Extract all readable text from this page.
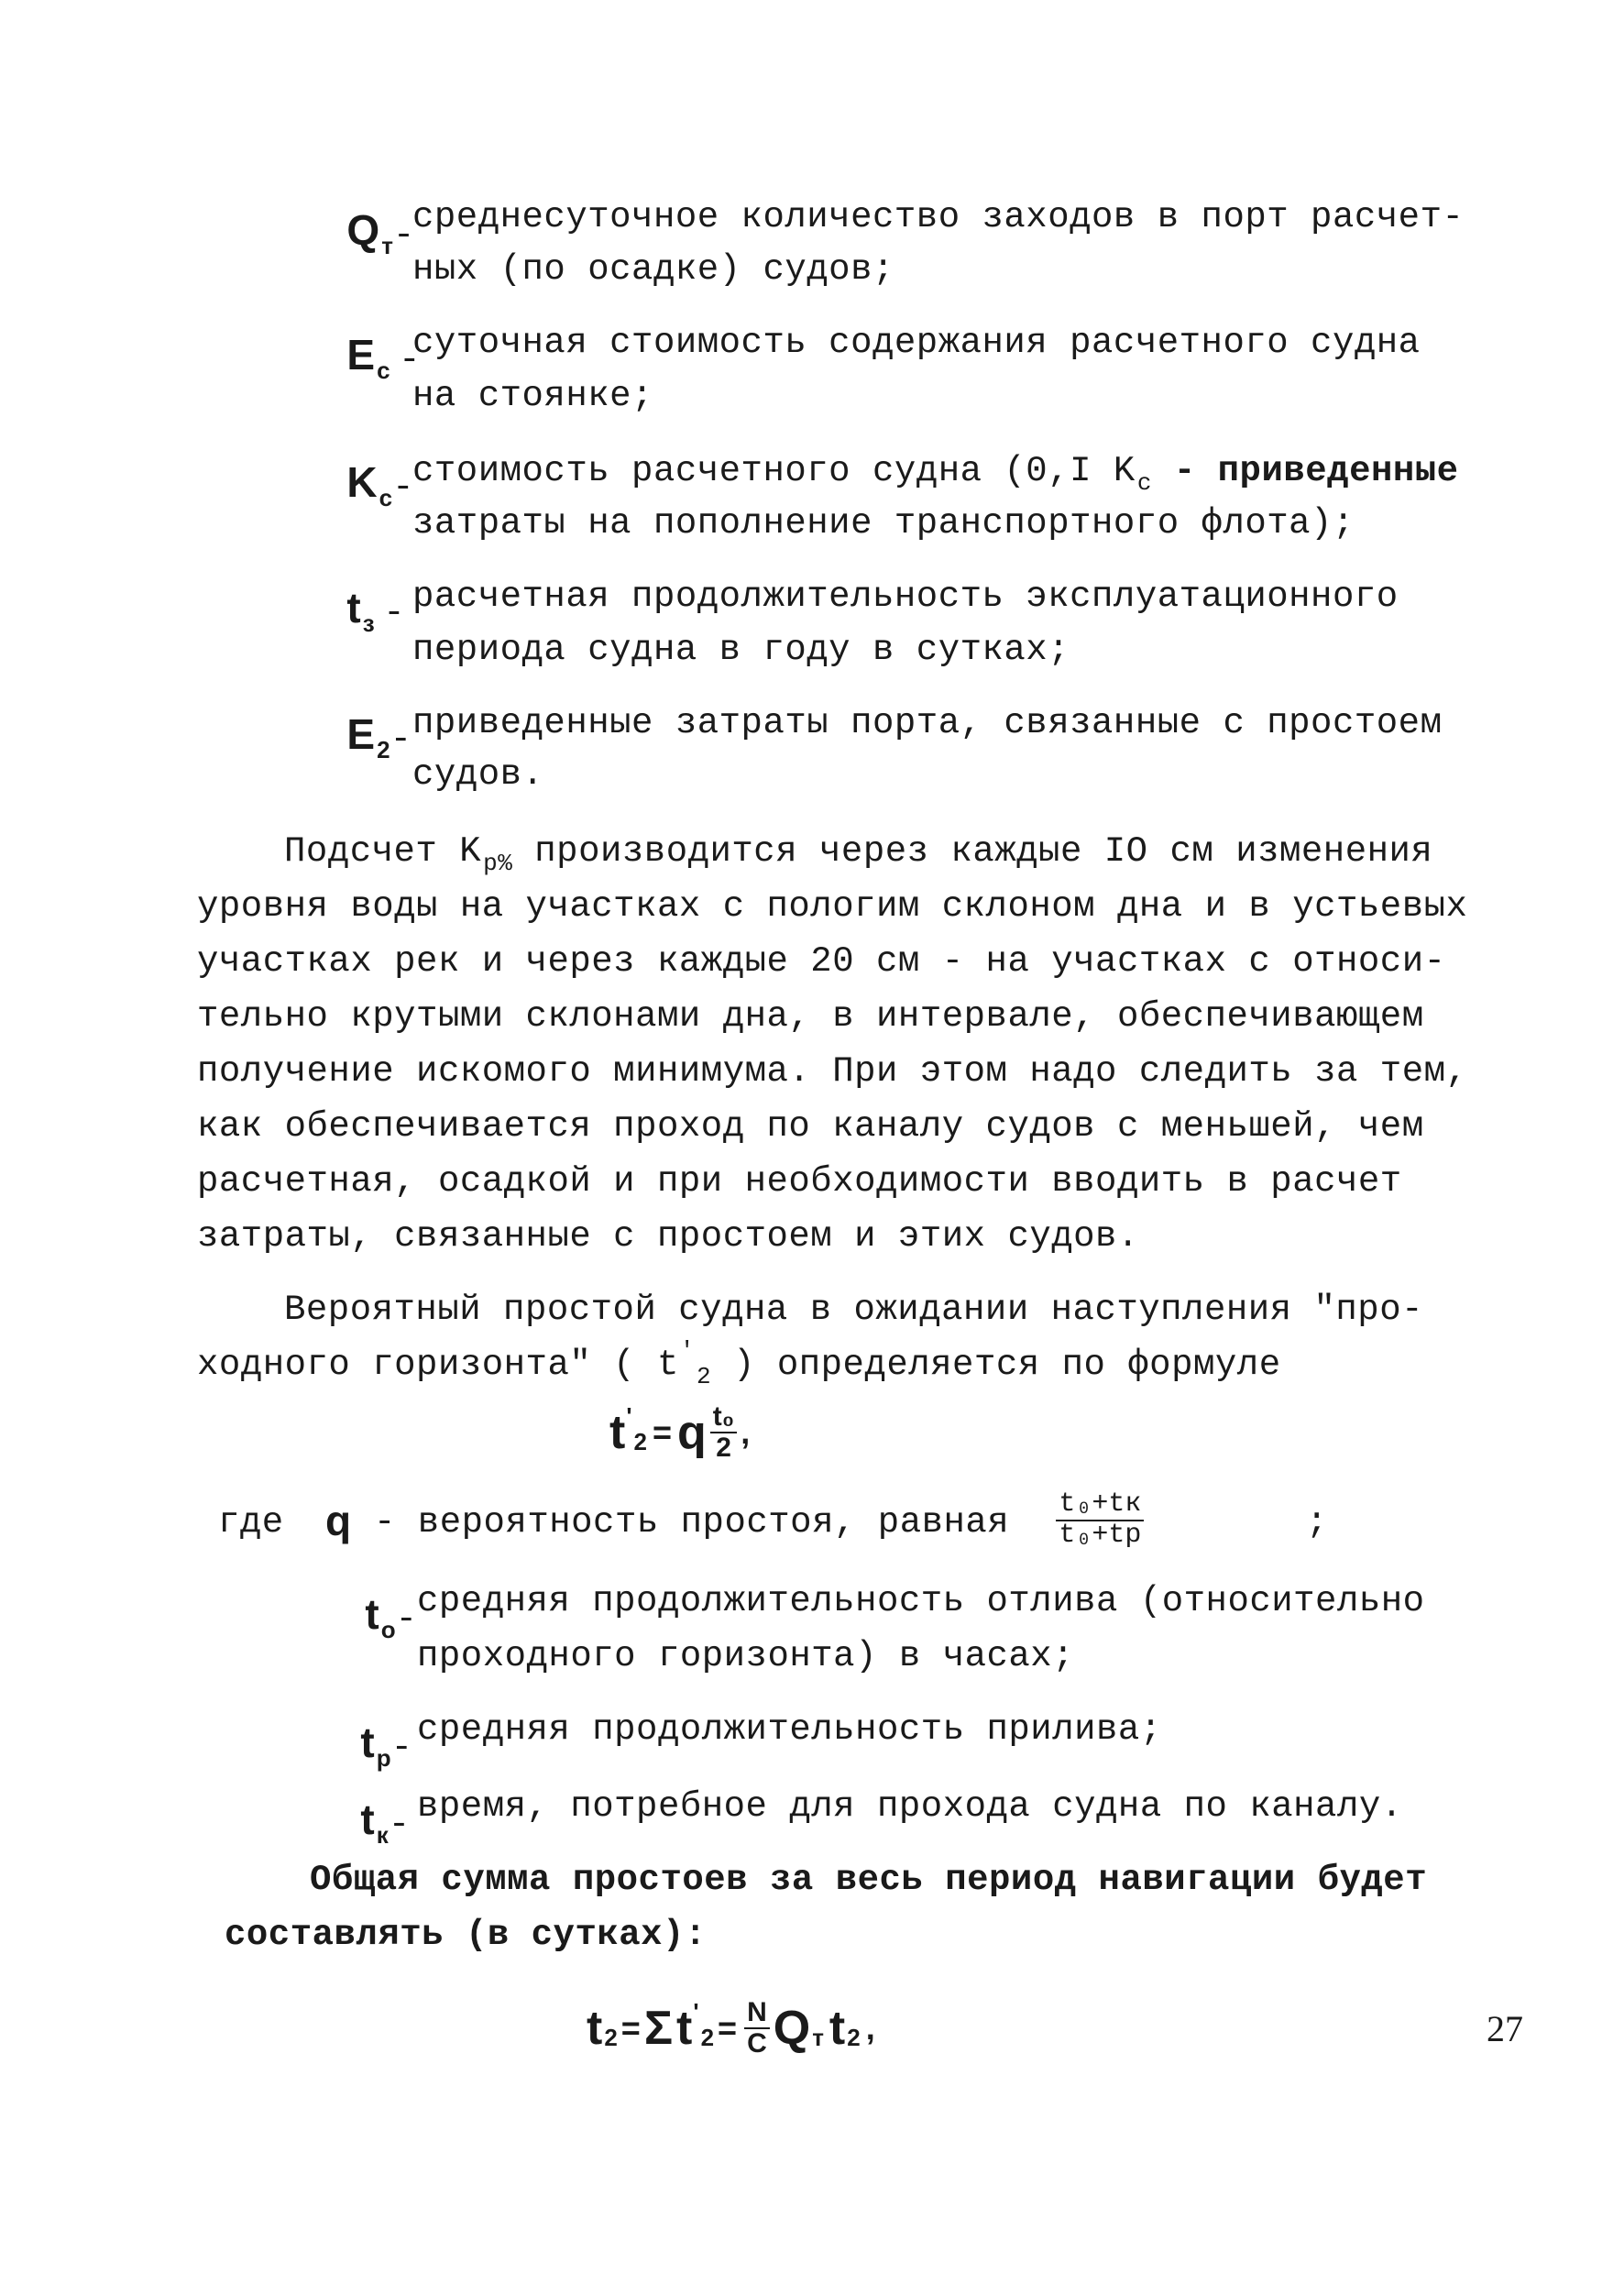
$Q_т-$

среднесуточное количество заходов в порт расчет-
ных (по осадке) судов;

$E_c$ -

суточная стоимость содержания расчетного судна
на стоянке;

$K_c-$

стоимость расчетного судна (0,I $K_c$ - приведенные
затраты на пополнение транспортного флота);

$t_з$ -
расчетная продолжительность эксплуатационного
периода судна в году в сутках;

$E_2-$
приведенные затраты порта, связанные с простоем
судов.
Подсчет $K_{р\%}$ производится через каждые IO см изменения
уровня воды на участках с пологим склоном дна и в устьевых
участках рек и через каждые 20 см - на участках с относи-
тельно крутыми склонами дна, в интервале, обеспечивающем
получение искомого минимума. При этом надо следить за тем,
как обеспечивается проход по каналу судов с меньшей, чем
расчетная, осадкой и при необходимости вводить в расчет
затраты, связанные с простоем и этих судов.
Вероятный простой судна в ожидании наступления "про-
ходного горизонта" ( $t'_2$ ) определяется по формуле
t '
2 = q $\frac{\text{t₀}}{2}$ ,
где q - вероятность простоя, равная

$\frac{\text{t₀+tк}}{\text{t₀+tр}}$

	;

$t_о-$
средняя продолжительность отлива (относительно
проходного горизонта) в часах;

$t_р-$
средняя продолжительность прилива;

$t_к-$
время, потребное для прохода судна по каналу.
Общая сумма простоев за весь период навигации будет
составлять (в сутках):
t 2 = Σ t '
$2 = \frac{N}{C}$ Q т t 2 ,	27
